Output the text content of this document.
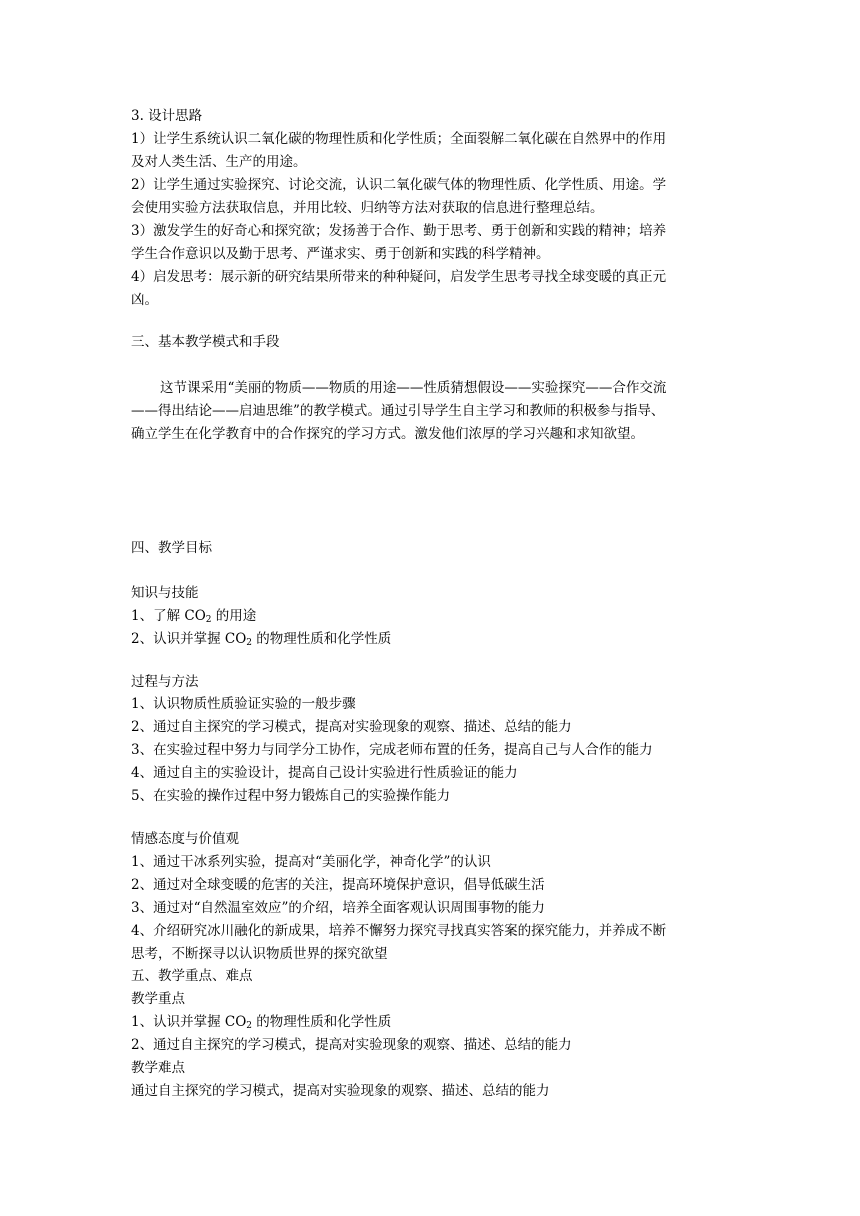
3. 设计思路
1）让学生系统认识二氧化碳的物理性质和化学性质；全面裂解二氧化碳在自然界中的作用
及对人类生活、生产的用途。
2）让学生通过实验探究、讨论交流，认识二氧化碳气体的物理性质、化学性质、用途。学
会使用实验方法获取信息，并用比较、归纳等方法对获取的信息进行整理总结。
3）激发学生的好奇心和探究欲；发扬善于合作、勤于思考、勇于创新和实践的精神；培养
学生合作意识以及勤于思考、严谨求实、勇于创新和实践的科学精神。
4）启发思考：展示新的研究结果所带来的种种疑问，启发学生思考寻找全球变暖的真正元
凶。
三、基本教学模式和手段
这节课采用“美丽的物质——物质的用途——性质猜想假设——实验探究——合作交流
——得出结论——启迪思维”的教学模式。通过引导学生自主学习和教师的积极参与指导、
确立学生在化学教育中的合作探究的学习方式。激发他们浓厚的学习兴趣和求知欲望。
四、教学目标
知识与技能
1、了解 $CO_2$ 的用途
2、认识并掌握 $CO_2$ 的物理性质和化学性质
过程与方法
1、认识物质性质验证实验的一般步骤
2、通过自主探究的学习模式，提高对实验现象的观察、描述、总结的能力
3、在实验过程中努力与同学分工协作，完成老师布置的任务，提高自己与人合作的能力
4、通过自主的实验设计，提高自己设计实验进行性质验证的能力
5、在实验的操作过程中努力锻炼自己的实验操作能力
情感态度与价值观
1、通过干冰系列实验，提高对“美丽化学，神奇化学”的认识
2、通过对全球变暖的危害的关注，提高环境保护意识，倡导低碳生活
3、通过对“自然温室效应”的介绍，培养全面客观认识周围事物的能力
4、介绍研究冰川融化的新成果，培养不懈努力探究寻找真实答案的探究能力，并养成不断
思考，不断探寻以认识物质世界的探究欲望
五、教学重点、难点
教学重点
1、认识并掌握 $CO_2$ 的物理性质和化学性质
2、通过自主探究的学习模式，提高对实验现象的观察、描述、总结的能力
教学难点
通过自主探究的学习模式，提高对实验现象的观察、描述、总结的能力
